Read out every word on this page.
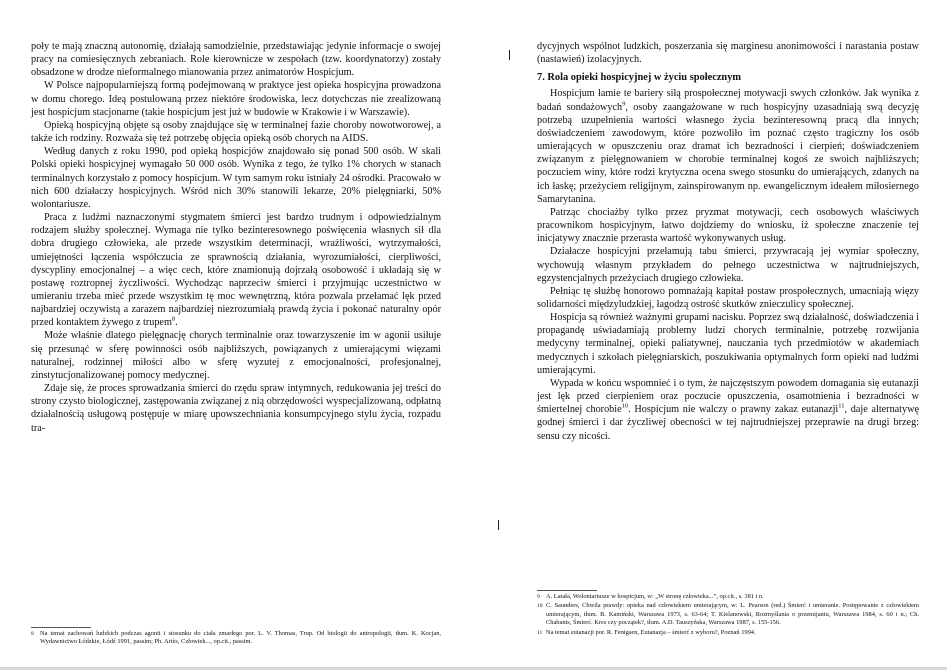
poły te mają znaczną autonomię, działają samodzielnie, przedstawiając jedynie informacje o swojej pracy na comiesięcznych zebraniach. Role kierownicze w zespołach (tzw. koordynatorzy) zostały obsadzone w drodze nieformalnego mianowania przez animatorów Hospicjum.

W Polsce najpopularniejszą formą podejmowaną w praktyce jest opieka hospicyjna prowadzona w domu chorego. Ideą postulowaną przez niektóre środowiska, lecz dotychczas nie zrealizowaną jest hospicjum stacjonarne (takie hospicjum jest już w budowie w Krakowie i w Warszawie).

Opieką hospicyjną objęte są osoby znajdujące się w terminalnej fazie choroby nowotworowej, a także ich rodziny. Rozważa się też potrzebę objęcia opieką osób chorych na AIDS.

Według danych z roku 1990, pod opieką hospicjów znajdowało się ponad 500 osób. W skali Polski opieki hospicyjnej wymagało 50 000 osób. Wynika z tego, że tylko 1% chorych w stanach terminalnych korzystało z pomocy hospicjum. W tym samym roku istniały 24 ośrodki. Pracowało w nich 600 działaczy hospicyjnych. Wśród nich 30% stanowili lekarze, 20% pielęgniarki, 50% wolontariusze.

Praca z ludźmi naznaczonymi stygmatem śmierci jest bardzo trudnym i odpowiedzialnym rodzajem służby społecznej. Wymaga nie tylko bezinteresownego poświęcenia własnych sił dla dobra drugiego człowieka, ale przede wszystkim determinacji, wrażliwości, wytrzymałości, umiejętności łączenia współczucia ze sprawnością działania, wyrozumiałości, cierpliwości, dyscypliny emocjonalnej – a więc cech, które znamionują dojrzałą osobowość i układają się w postawę roztropnej życzliwości. Wychodząc naprzeciw śmierci i przyjmując uczestnictwo w umieraniu trzeba mieć przede wszystkim tę moc wewnętrzną, która pozwala przełamać lęk przed najbardziej oczywistą a zarazem najbardziej niezrozumiałą prawdą życia i pokonać naturalny opór przed kontaktem żywego z trupem$^8$.

Może właśnie dlatego pielęgnację chorych terminalnie oraz towarzyszenie im w agonii usiłuje się przesunąć w sferę powinności osób najbliższych, powiązanych z umierającymi więzami naturalnej, rodzinnej miłości albo w sferę wyzutej z emocjonalności, profesjonalnej, zinstytucjonalizowanej pomocy medycznej.

Zdaje się, że proces sprowadzania śmierci do rzędu spraw intymnych, redukowania jej treści do strony czysto biologicznej, zastępowania związanej z nią obrzędowości wyspecjalizowaną, odpłatną działalnością usługową postępuje w miarę upowszechniania konsumpcyjnego stylu życia, rozpadu tra-

8 Na temat zachowań ludzkich podczas agonii i stosunku do ciała zmarłego por. L. V. Thomas, Trup. Od biologii do antropologii, tłum. K. Kocjan, Wydawnictwo Łódzkie, Łódź 1991, passim; Ph. Ariès, Człowiek..., op.cit., passim.

dycyjnych wspólnot ludzkich, poszerzania się marginesu anonimowości i narastania postaw (nastawień) izolacyjnych.

7. Rola opieki hospicyjnej w życiu społecznym

Hospicjum łamie te bariery siłą prospołecznej motywacji swych członków. Jak wynika z badań sondażowych$^9$, osoby zaangażowane w ruch hospicyjny uzasadniają swą decyzję potrzebą uzupełnienia wartości własnego życia bezinteresowną pracą dla innych; doświadczeniem zawodowym, które pozwoliło im poznać często tragiczny los osób umierających w opuszczeniu oraz dramat ich bezradności i cierpień; doświadczeniem związanym z pielęgnowaniem w chorobie terminalnej kogoś ze swoich najbliższych; poczuciem winy, które rodzi krytyczna ocena swego stosunku do umierających, zdanych na ich łaskę; przeżyciem religijnym, zainspirowanym np. ewangelicznym ideałem miłosiernego Samarytanina.

Patrząc chociażby tylko przez pryzmat motywacji, cech osobowych właściwych pracownikom hospicyjnym, łatwo dojdziemy do wniosku, iż społeczne znaczenie tej inicjatywy znacznie przerasta wartość wykonywanych usług.

Działacze hospicyjni przełamują tabu śmierci, przywracają jej wymiar społeczny, wychowują własnym przykładem do pełnego uczestnictwa w najtrudniejszych, egzystencjalnych przeżyciach drugiego człowieka.

Pełniąc tę służbę honorowo pomnażają kapitał postaw prospołecznych, umacniają więzy solidarności międzyludzkiej, łagodzą ostrość skutków znieczulicy społecznej.

Hospicja są również ważnymi grupami nacisku. Poprzez swą działalność, doświadczenia i propagandę uświadamiają problemy ludzi chorych terminalnie, potrzebę rozwijania medycyny terminalnej, opieki paliatywnej, nauczania tych przedmiotów w akademiach medycznych i szkołach pielęgniarskich, poszukiwania optymalnych form opieki nad ludźmi umierającymi.

Wypada w końcu wspomnieć i o tym, że najczęstszym powodem domagania się eutanazji jest lęk przed cierpieniem oraz poczucie opuszczenia, osamotnienia i bezradności w śmiertelnej chorobie$^{10}$. Hospicjum nie walczy o prawny zakaz eutanazji$^{11}$, daje alternatywę godnej śmierci i dar życzliwej obecności w tej najtrudniejszej przeprawie na drugi brzeg: sensu czy nicości.

9 A. Latała, Wolontariusze w hospicjum, w: „W stronę człowieka...”, op.cit., s. 381 i n.

10 C. Saunders, Chwila prawdy: opieka nad człowiekiem umierającym, w: L. Pearson (red.) Śmierć i umieranie. Postępowanie z człowiekiem umierającym, tłum. B. Kamiński, Warszawa 1973, s. 63-64; T. Kielanowski, Rozmyślania o przemijaniu, Warszawa 1984, s. 60 i n.; Ch. Chabanis, Śmierć. Kres czy początek?, tłum. A.D. Tauszyńska, Warszawa 1987, s. 155-156.

11 Na temat eutanazji por. R. Fenigsen, Eutanazja – śmierć z wyboru?, Poznań 1994.
